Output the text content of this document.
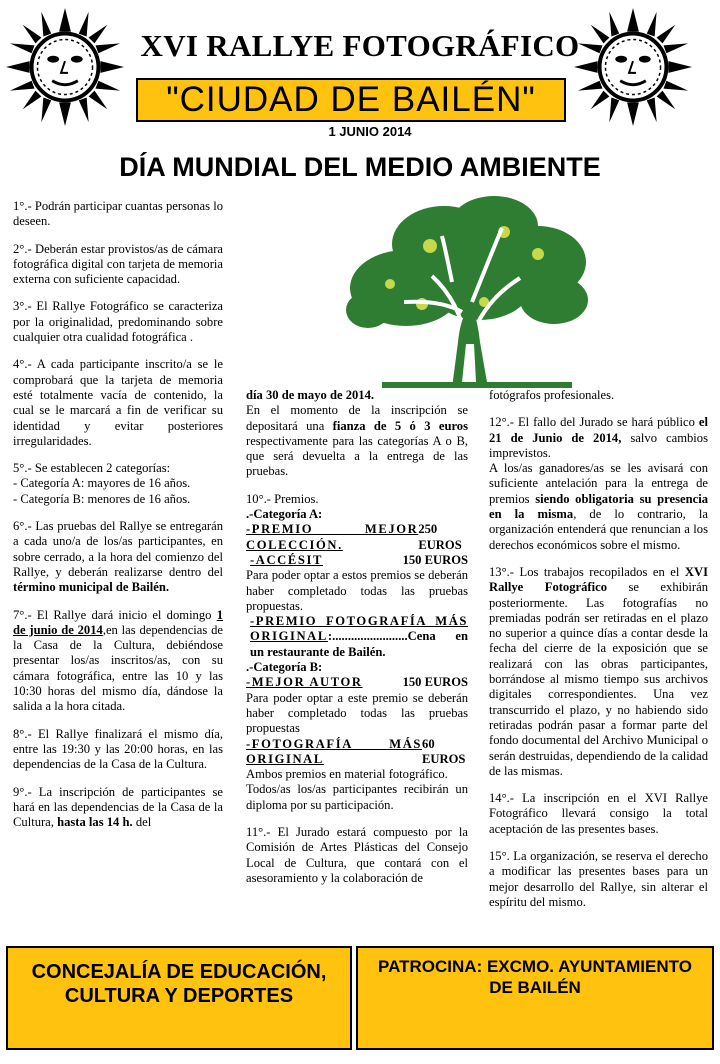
XVI RALLYE FOTOGRÁFICO
"CIUDAD DE BAILÉN"
1 JUNIO 2014
DÍA MUNDIAL DEL MEDIO AMBIENTE

1°.- Podrán participar cuantas personas lo deseen.

2°.- Deberán estar provistos/as de cámara fotográfica digital con tarjeta de memoria externa con suficiente capacidad.

3°.- El Rallye Fotográfico se caracteriza por la originalidad, predominando sobre cualquier otra cualidad fotográfica .

4°.- A cada participante inscrito/a se le comprobará que la tarjeta de memoria esté totalmente vacía de contenido, la cual se le marcará a fin de verificar su identidad y evitar posteriores irregularidades.

5°.- Se establecen 2 categorías:
- Categoría A: mayores de 16 años.
- Categoría B: menores de 16 años.

6°.- Las pruebas del Rallye se entregarán a cada uno/a de los/as participantes, en sobre cerrado, a la hora del comienzo del Rallye, y deberán realizarse dentro del término municipal de Bailén.

7°.- El Rallye dará inicio el domingo 1 de junio de 2014,en las dependencias de la Casa de la Cultura, debiéndose presentar los/as inscritos/as, con su cámara fotográfica, entre las 10 y las 10:30 horas del mismo día, dándose la salida a la hora citada.

8°.- El Rallye finalizará el mismo día, entre las 19:30 y las 20:00 horas, en las dependencias de la Casa de la Cultura.

9°.- La inscripción de participantes se hará en las dependencias de la Casa de la Cultura, hasta las 14 h. del

día 30 de mayo de 2014.
En el momento de la inscripción se depositará una fianza de 5 ó 3 euros respectivamente para las categorías A o B, que será devuelta a la entrega de las pruebas.

10°.- Premios.

.-Categoría A:

-PREMIO MEJOR COLECCIÓN.
250 EUROS
-ACCÉSIT	150 EUROS

Para poder optar a estos premios se deberán haber completado todas las pruebas propuestas.

-PREMIO FOTOGRAFÍA MÁS ORIGINAL:........................Cena en un restaurante de Bailén.

.-Categoría B:

-MEJOR AUTOR	150 EUROS

Para poder optar a este premio se deberán haber completado todas las pruebas propuestas

-FOTOGRAFÍA MÁS ORIGINAL
60 EUROS

Ambos premios en material fotográfico.

Todos/as los/as participantes recibirán un diploma por su participación.

11°.- El Jurado estará compuesto por la Comisión de Artes Plásticas del Consejo Local de Cultura, que contará con el asesoramiento y la colaboración de

fotógrafos profesionales.

12°.- El fallo del Jurado se hará público el 21 de Junio de 2014, salvo cambios imprevistos.
A los/as ganadores/as se les avisará con suficiente antelación para la entrega de premios siendo obligatoria su presencia en la misma, de lo contrario, la organización entenderá que renuncian a los derechos económicos sobre el mismo.

13°.- Los trabajos recopilados en el XVI Rallye Fotográfico se exhibirán posteriormente. Las fotografías no premiadas podrán ser retiradas en el plazo no superior a quince días a contar desde la fecha del cierre de la exposición que se realizará con las obras participantes, borrándose al mismo tiempo sus archivos digitales correspondientes. Una vez transcurrido el plazo, y no habiendo sido retiradas podrán pasar a formar parte del fondo documental del Archivo Municipal o serán destruidas, dependiendo de la calidad de las mismas.

14°.- La inscripción en el XVI Rallye Fotográfico llevará consigo la total aceptación de las presentes bases.

15°. La organización, se reserva el derecho a modificar las presentes bases para un mejor desarrollo del Rallye, sin alterar el espíritu del mismo.

CONCEJALÍA DE EDUCACIÓN, CULTURA Y DEPORTES
PATROCINA: EXCMO. AYUNTAMIENTO DE BAILÉN
